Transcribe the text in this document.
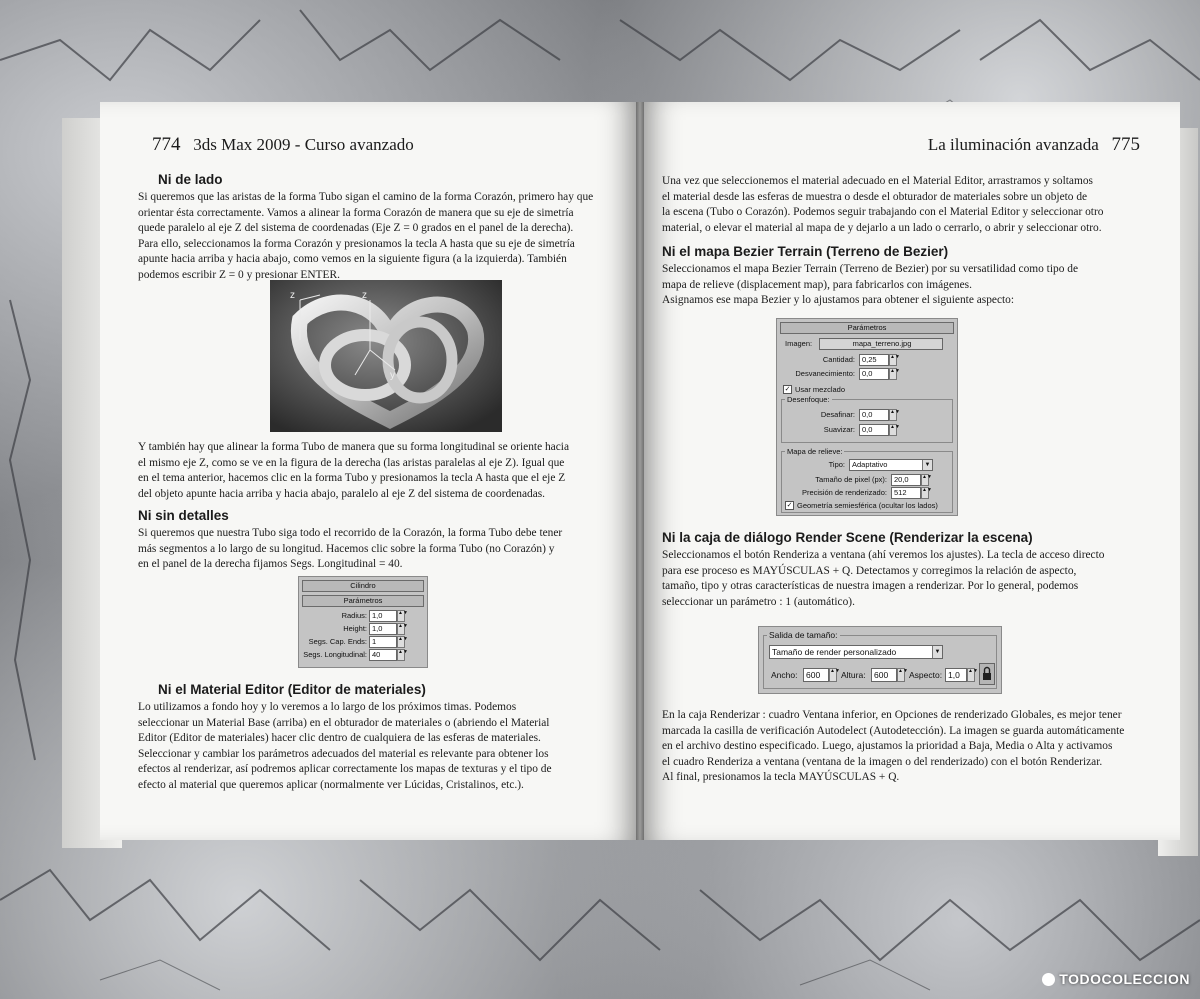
774 3ds Max 2009 - Curso avanzado
Ni de lado
Si queremos que las aristas de la forma Tubo sigan el camino de la forma Corazón, primero hay que
orientar ésta correctamente. Vamos a alinear la forma Corazón de manera que su eje de simetría
quede paralelo al eje Z del sistema de coordenadas (Eje Z = 0 grados en el panel de la derecha).
Para ello, seleccionamos la forma Corazón y presionamos la tecla A hasta que su eje de simetría
apunte hacia arriba y hacia abajo, como vemos en la siguiente figura (a la izquierda). También
podemos escribir Z = 0 y presionar ENTER.
z	z
y
Y también hay que alinear la forma Tubo de manera que su forma longitudinal se oriente hacia
el mismo eje Z, como se ve en la figura de la derecha (las aristas paralelas al eje Z). Igual que
en el tema anterior, hacemos clic en la forma Tubo y presionamos la tecla A hasta que el eje Z
del objeto apunte hacia arriba y hacia abajo, paralelo al eje Z del sistema de coordenadas.
Ni sin detalles
Si queremos que nuestra Tubo siga todo el recorrido de la Corazón, la forma Tubo debe tener
más segmentos a lo largo de su longitud. Hacemos clic sobre la forma Tubo (no Corazón) y
en el panel de la derecha fijamos Segs. Longitudinal = 40.
Cilindro
Parámetros
Radius: 1,0	▲▼
Height: 1,0	▲▼
Segs. Cap. Ends: 1	▲▼
Segs. Longitudinal: 40	▲▼
Ni el Material Editor (Editor de materiales)
Lo utilizamos a fondo hoy y lo veremos a lo largo de los próximos timas. Podemos
seleccionar un Material Base (arriba) en el obturador de materiales o (abriendo el Material
Editor (Editor de materiales) hacer clic dentro de cualquiera de las esferas de materiales.
Seleccionar y cambiar los parámetros adecuados del material es relevante para obtener los
efectos al renderizar, así podremos aplicar correctamente los mapas de texturas y el tipo de
efecto al material que queremos aplicar (normalmente ver Lúcidas, Cristalinos, etc.).
La iluminación avanzada 775
Una vez que seleccionemos el material adecuado en el Material Editor, arrastramos y soltamos
el material desde las esferas de muestra o desde el obturador de materiales sobre un objeto de
la escena (Tubo o Corazón). Podemos seguir trabajando con el Material Editor y seleccionar otro
material, o elevar el material al mapa de y dejarlo a un lado o cerrarlo, o abrir y seleccionar otro.
Ni el mapa Bezier Terrain (Terreno de Bezier)
Seleccionamos el mapa Bezier Terrain (Terreno de Bezier) por su versatilidad como tipo de
mapa de relieve (displacement map), para fabricarlos con imágenes.
Asignamos ese mapa Bezier y lo ajustamos para obtener el siguiente aspecto:
Parámetros
Imagen:	mapa_terreno.jpg
Cantidad: 0,25	▲▼
Desvanecimiento: 0,0	▲▼
✓ Usar mezclado
Desenfoque:
Desafinar: 0,0	▲▼
Suavizar: 0,0	▲▼
Mapa de relieve:
Tipo: Adaptativo	▼
Tamaño de pixel (px): 20,0	▲▼
Precisión de renderizado: 512	▲▼
✓ Geometría semiesférica (ocultar los lados)
Ni la caja de diálogo Render Scene (Renderizar la escena)
Seleccionamos el botón Renderiza a ventana (ahí veremos los ajustes). La tecla de acceso directo
para ese proceso es MAYÚSCULAS + Q. Detectamos y corregimos la relación de aspecto,
tamaño, tipo y otras características de nuestra imagen a renderizar. Por lo general, podemos
seleccionar un parámetro : 1 (automático).
Salida de tamaño:
Tamaño de render personalizado	▼
Ancho:	600	▲▼ Altura: 600	▲▼ Aspecto: 1,0	▲▼
En la caja Renderizar : cuadro Ventana inferior, en Opciones de renderizado Globales, es mejor tener
marcada la casilla de verificación Autodelect (Autodetección). La imagen se guarda automáticamente
en el archivo destino especificado. Luego, ajustamos la prioridad a Baja, Media o Alta y activamos
el cuadro Renderiza a ventana (ventana de la imagen o del renderizado) con el botón Renderizar.
Al final, presionamos la tecla MAYÚSCULAS + Q.
TODOCOLECCION
